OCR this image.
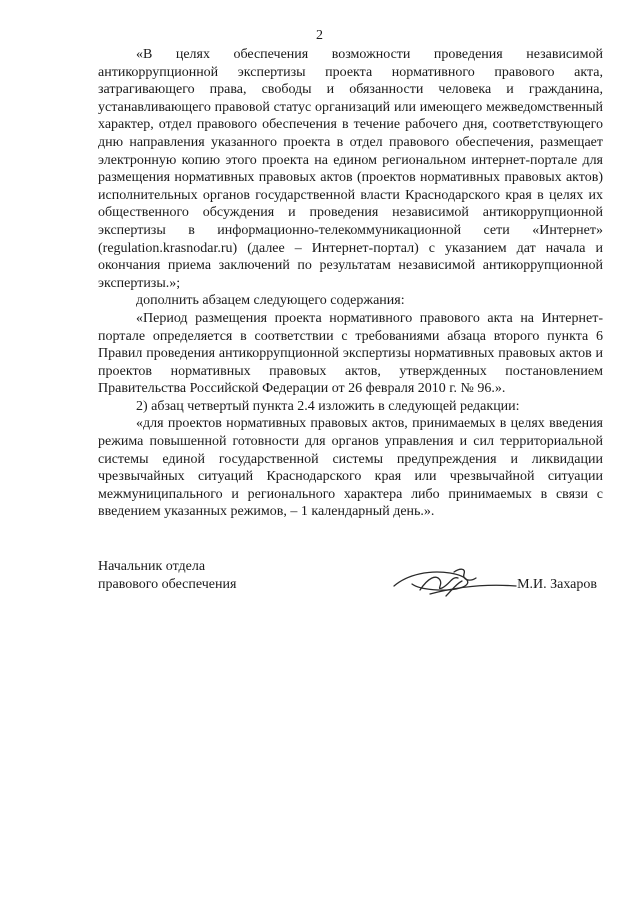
2

«В целях обеспечения возможности проведения независимой антикоррупционной экспертизы проекта нормативного правового акта, затрагивающего права, свободы и обязанности человека и гражданина, устанавливающего правовой статус организаций или имеющего межведомственный характер, отдел правового обеспечения в течение рабочего дня, соответствующего дню направления указанного проекта в отдел правового обеспечения, размещает электронную копию этого проекта на едином региональном интернет-портале для размещения нормативных правовых актов (проектов нормативных правовых актов) исполнительных органов государственной власти Краснодарского края в целях их общественного обсуждения и проведения независимой антикоррупционной экспертизы в информационно-телекоммуникационной сети «Интернет» (regulation.krasnodar.ru) (далее – Интернет-портал) с указанием дат начала и окончания приема заключений по результатам независимой антикоррупционной экспертизы.»;

дополнить абзацем следующего содержания:

«Период размещения проекта нормативного правового акта на Интернет-портале определяется в соответствии с требованиями абзаца второго пункта 6 Правил проведения антикоррупционной экспертизы нормативных правовых актов и проектов нормативных правовых актов, утвержденных постановлением Правительства Российской Федерации от 26 февраля 2010 г. № 96.».

2) абзац четвертый пункта 2.4 изложить в следующей редакции:

«для проектов нормативных правовых актов, принимаемых в целях введения режима повышенной готовности для органов управления и сил территориальной системы единой государственной системы предупреждения и ликвидации чрезвычайных ситуаций Краснодарского края или чрезвычайной ситуации межмуниципального и регионального характера либо принимаемых в связи с введением указанных режимов, – 1 календарный день.».

Начальник отдела
правового обеспечения	М.И. Захаров
